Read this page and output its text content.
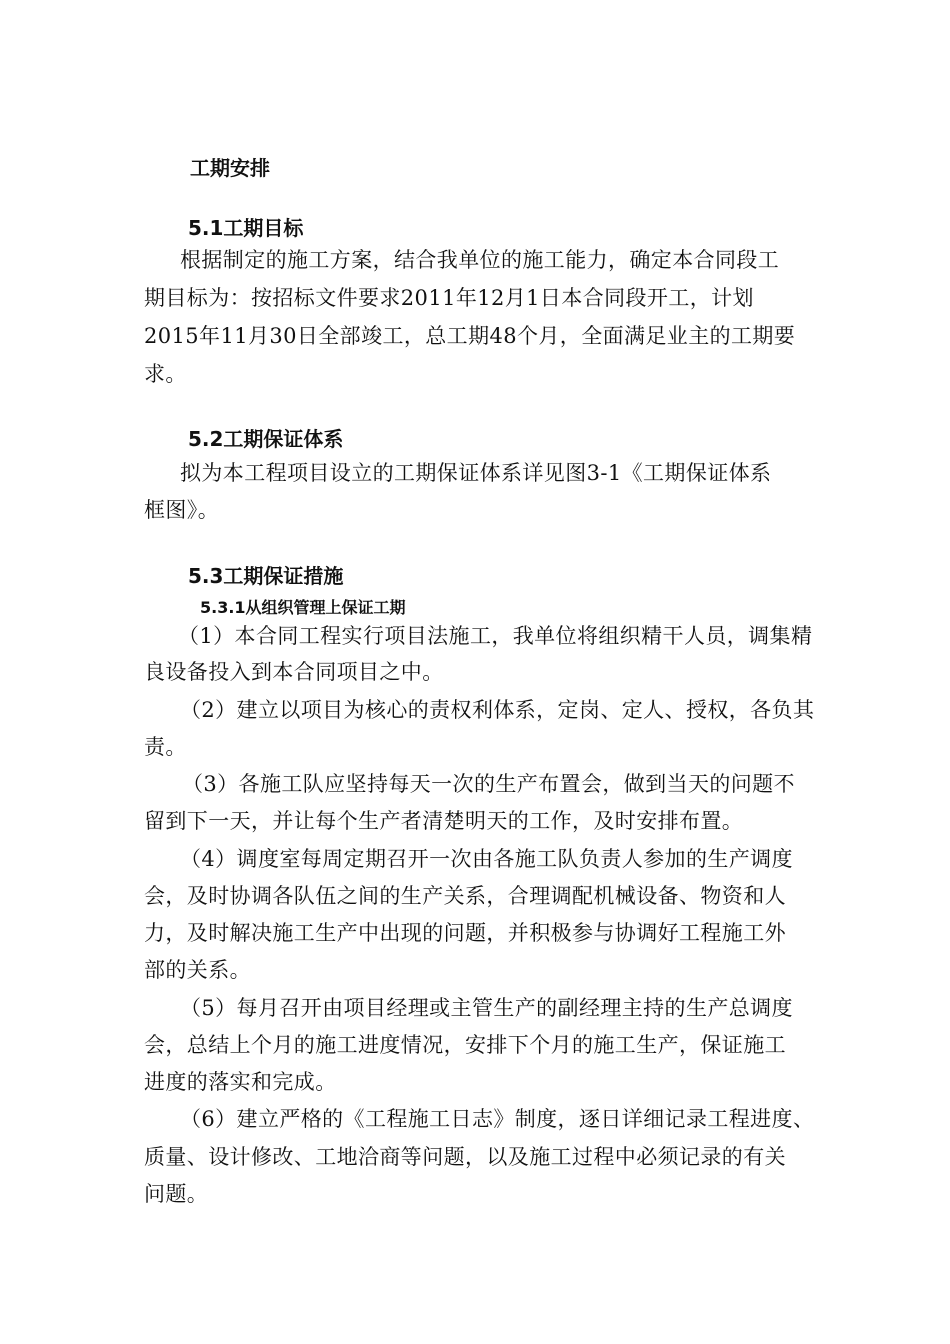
工期安排
5.1工期目标
根据制定的施工方案，结合我单位的施工能力，确定本合同段工
期目标为：按招标文件要求2011年12月1日本合同段开工，计划
2015年11月30日全部竣工，总工期48个月，全面满足业主的工期要
求。
5.2工期保证体系
拟为本工程项目设立的工期保证体系详见图3-1《工期保证体系
框图》。
5.3工期保证措施
5.3.1从组织管理上保证工期
（1）本合同工程实行项目法施工，我单位将组织精干人员，调集精
良设备投入到本合同项目之中。
（2）建立以项目为核心的责权利体系，定岗、定人、授权，各负其
责。
（3）各施工队应坚持每天一次的生产布置会，做到当天的问题不
留到下一天，并让每个生产者清楚明天的工作，及时安排布置。
（4）调度室每周定期召开一次由各施工队负责人参加的生产调度
会，及时协调各队伍之间的生产关系，合理调配机械设备、物资和人
力，及时解决施工生产中出现的问题，并积极参与协调好工程施工外
部的关系。
（5）每月召开由项目经理或主管生产的副经理主持的生产总调度
会，总结上个月的施工进度情况，安排下个月的施工生产，保证施工
进度的落实和完成。
（6）建立严格的《工程施工日志》制度，逐日详细记录工程进度、
质量、设计修改、工地洽商等问题，以及施工过程中必须记录的有关
问题。
